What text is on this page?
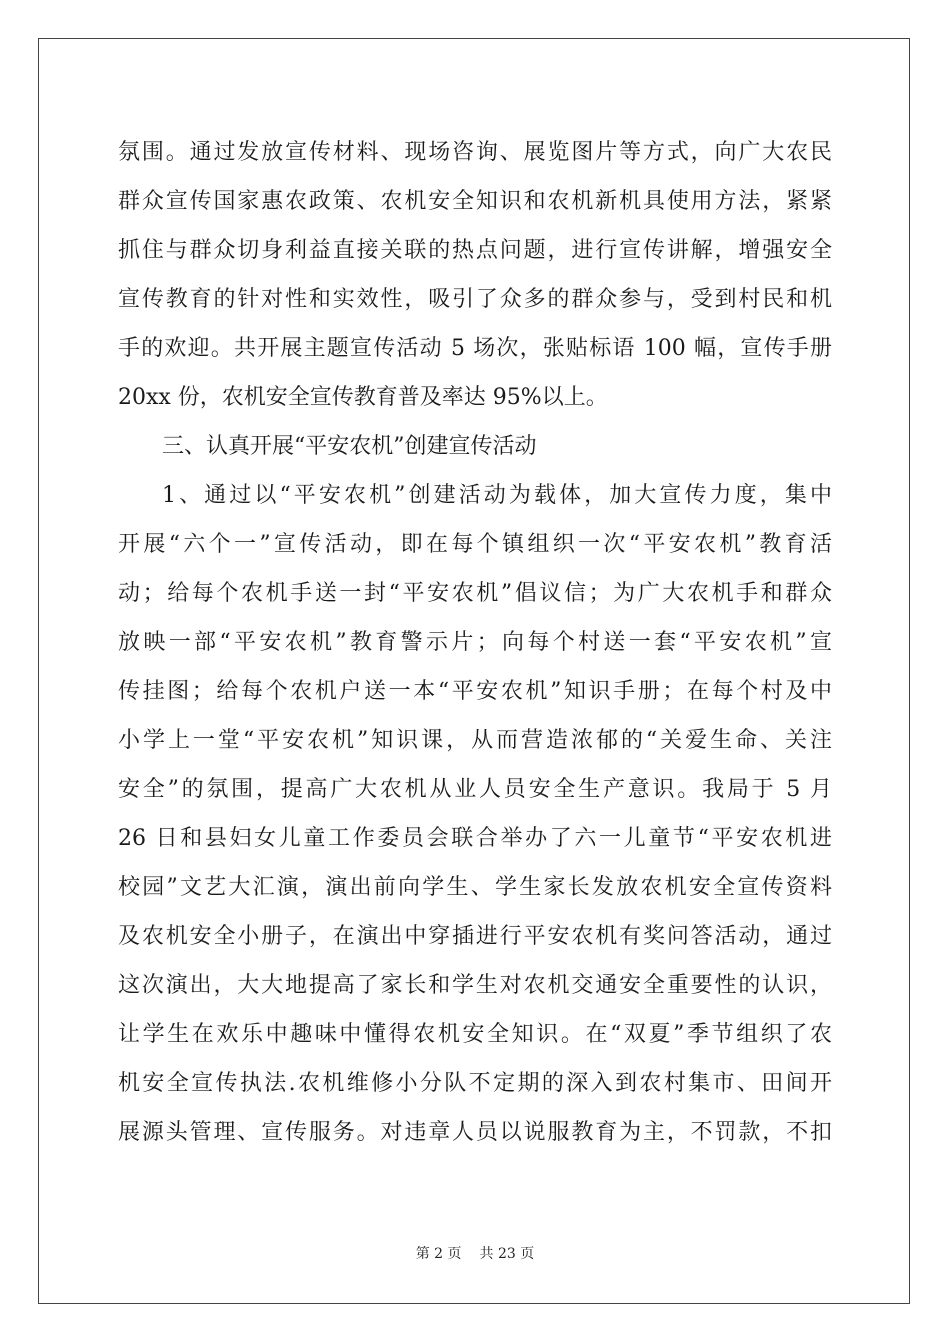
氛围。通过发放宣传材料、现场咨询、展览图片等方式，向广大农民
群众宣传国家惠农政策、农机安全知识和农机新机具使用方法，紧紧
抓住与群众切身利益直接关联的热点问题，进行宣传讲解，增强安全
宣传教育的针对性和实效性，吸引了众多的群众参与，受到村民和机
手的欢迎。共开展主题宣传活动 5 场次，张贴标语 100 幅，宣传手册
20xx 份，农机安全宣传教育普及率达 95%以上。
三、认真开展“平安农机”创建宣传活动
1、通过以“平安农机”创建活动为载体，加大宣传力度，集中
开展“六个一”宣传活动，即在每个镇组织一次“平安农机”教育活
动；给每个农机手送一封“平安农机”倡议信；为广大农机手和群众
放映一部“平安农机”教育警示片；向每个村送一套“平安农机”宣
传挂图；给每个农机户送一本“平安农机”知识手册；在每个村及中
小学上一堂“平安农机”知识课，从而营造浓郁的“关爱生命、关注
安全”的氛围，提高广大农机从业人员安全生产意识。我局于 5 月
26 日和县妇女儿童工作委员会联合举办了六一儿童节“平安农机进
校园”文艺大汇演，演出前向学生、学生家长发放农机安全宣传资料
及农机安全小册子，在演出中穿插进行平安农机有奖问答活动，通过
这次演出，大大地提高了家长和学生对农机交通安全重要性的认识，
让学生在欢乐中趣味中懂得农机安全知识。在“双夏”季节组织了农
机安全宣传执法.农机维修小分队不定期的深入到农村集市、田间开
展源头管理、宣传服务。对违章人员以说服教育为主，不罚款，不扣
第 2 页 共 23 页
